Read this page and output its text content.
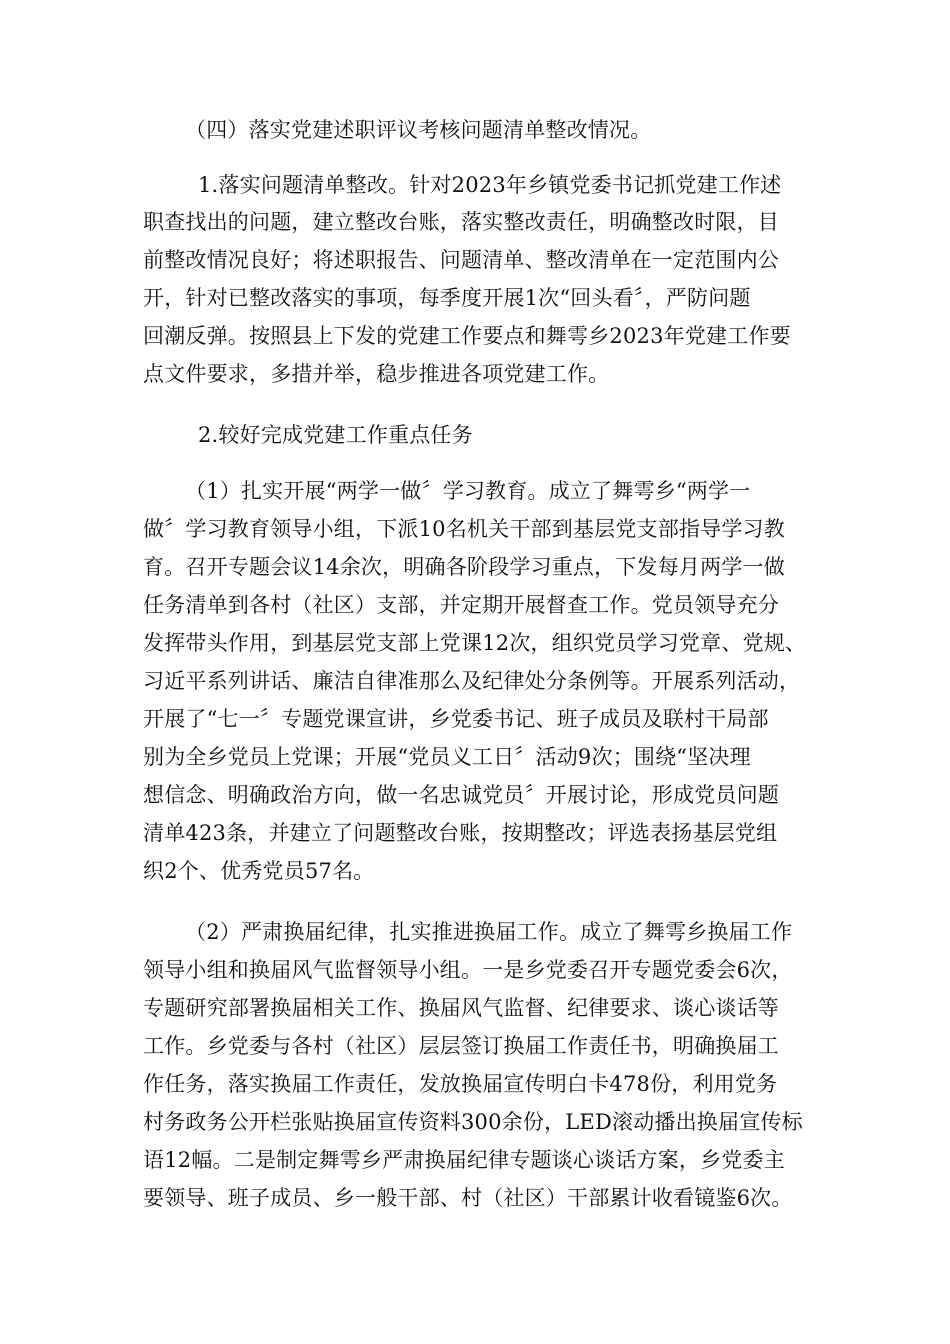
（四）落实党建述职评议考核问题清单整改情况。
1.落实问题清单整改。针对2023年乡镇党委书记抓党建工作述
职查找出的问题，建立整改台账，落实整改责任，明确整改时限，目
前整改情况良好；将述职报告、问题清单、整改清单在一定范围内公
开，针对已整改落实的事项，每季度开展1次“回头看〞，严防问题
回潮反弹。按照县上下发的党建工作要点和舞雩乡2023年党建工作要
点文件要求，多措并举，稳步推进各项党建工作。
2.较好完成党建工作重点任务
（1）扎实开展“两学一做〞学习教育。成立了舞雩乡“两学一
做〞学习教育领导小组，下派10名机关干部到基层党支部指导学习教
育。召开专题会议14余次，明确各阶段学习重点，下发每月两学一做
任务清单到各村（社区）支部，并定期开展督查工作。党员领导充分
发挥带头作用，到基层党支部上党课12次，组织党员学习党章、党规、
习近平系列讲话、廉洁自律准那么及纪律处分条例等。开展系列活动，
开展了“七一〞专题党课宣讲，乡党委书记、班子成员及联村干局部
别为全乡党员上党课；开展“党员义工日〞活动9次；围绕“坚决理
想信念、明确政治方向，做一名忠诚党员〞开展讨论，形成党员问题
清单423条，并建立了问题整改台账，按期整改；评选表扬基层党组
织2个、优秀党员57名。
（2）严肃换届纪律，扎实推进换届工作。成立了舞雩乡换届工作
领导小组和换届风气监督领导小组。一是乡党委召开专题党委会6次，
专题研究部署换届相关工作、换届风气监督、纪律要求、谈心谈话等
工作。乡党委与各村（社区）层层签订换届工作责任书，明确换届工
作任务，落实换届工作责任，发放换届宣传明白卡478份，利用党务
村务政务公开栏张贴换届宣传资料300余份，LED滚动播出换届宣传标
语12幅。二是制定舞雩乡严肃换届纪律专题谈心谈话方案，乡党委主
要领导、班子成员、乡一般干部、村（社区）干部累计收看镜鉴6次。
